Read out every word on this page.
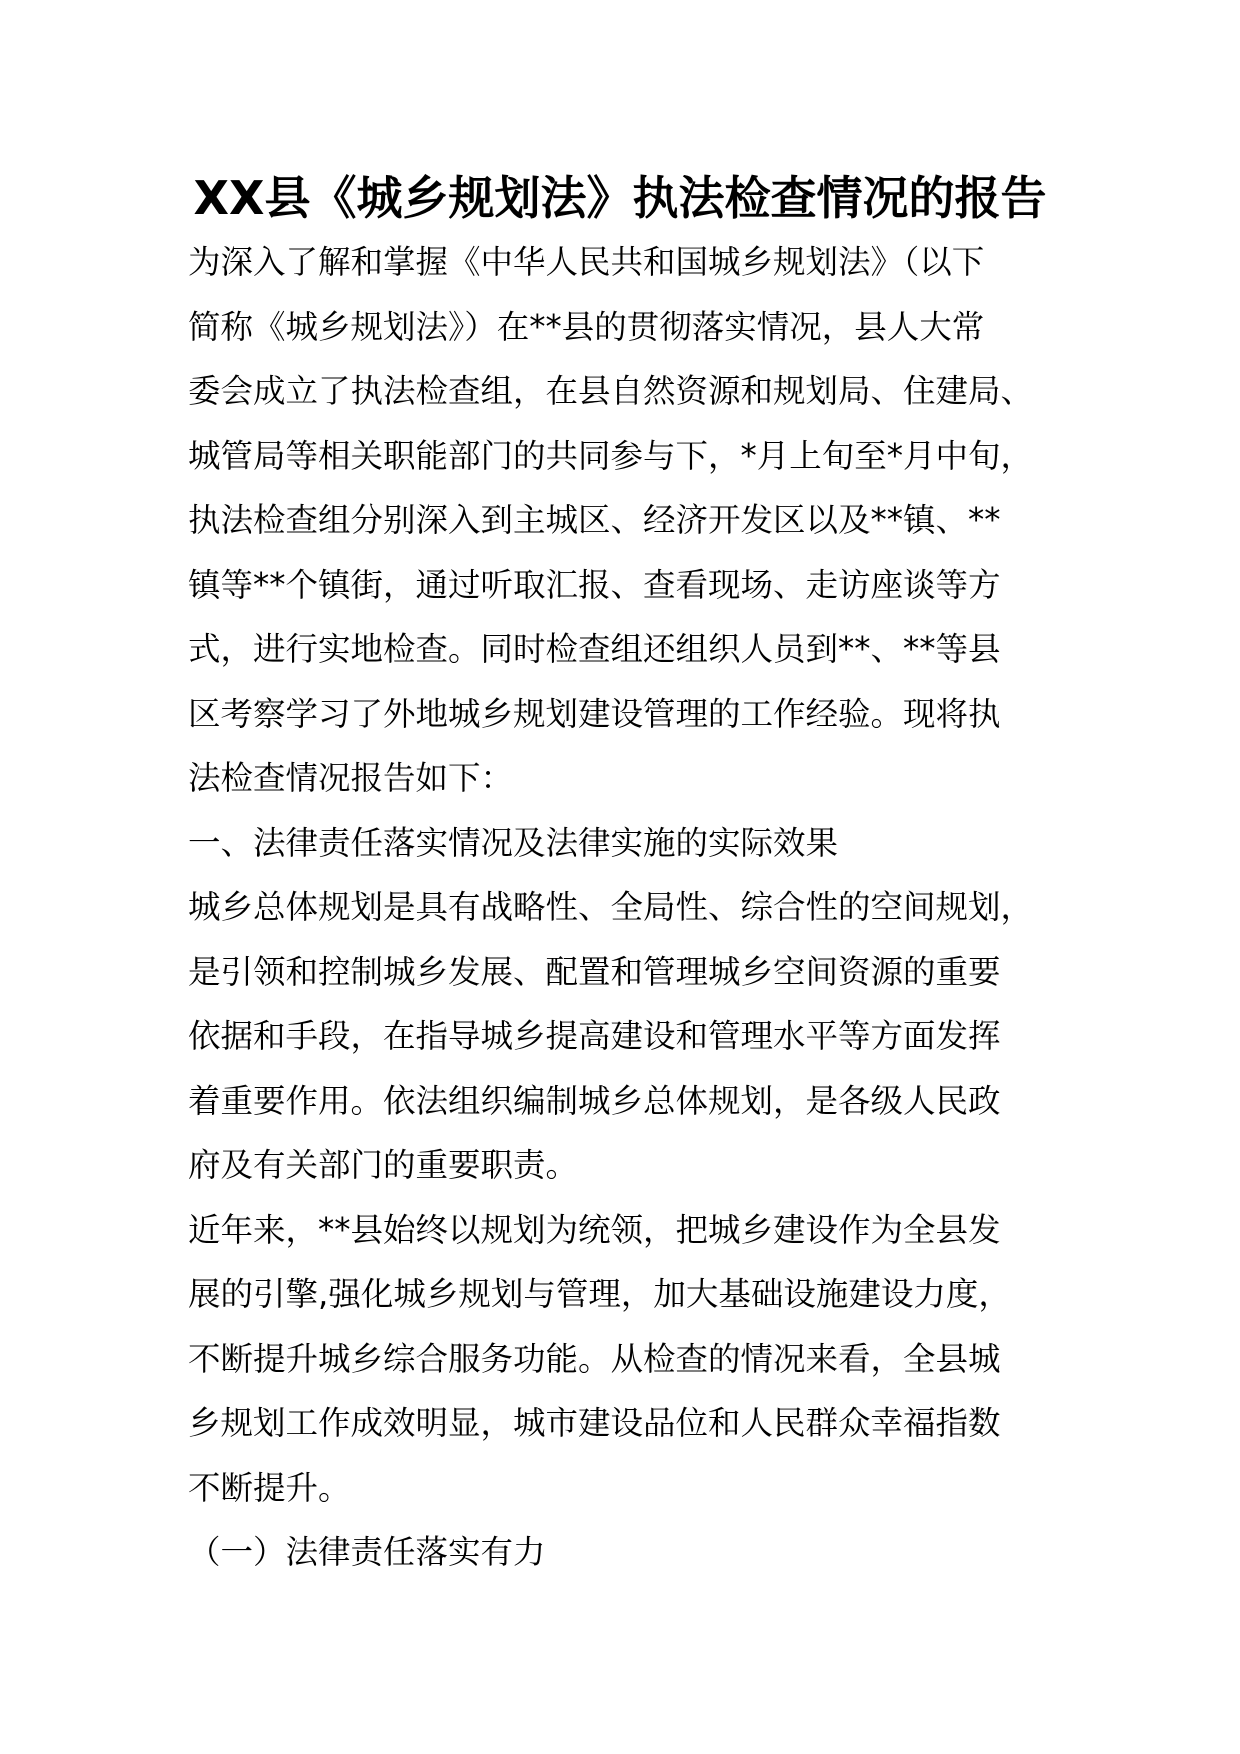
XX县《城乡规划法》执法检查情况的报告
为深入了解和掌握《中华人民共和国城乡规划法》（以下
简称《城乡规划法》）在**县的贯彻落实情况，县人大常
委会成立了执法检查组，在县自然资源和规划局、住建局、
城管局等相关职能部门的共同参与下，*月上旬至*月中旬，
执法检查组分别深入到主城区、经济开发区以及**镇、**
镇等**个镇街，通过听取汇报、查看现场、走访座谈等方
式，进行实地检查。同时检查组还组织人员到**、**等县
区考察学习了外地城乡规划建设管理的工作经验。现将执
法检查情况报告如下：
一、法律责任落实情况及法律实施的实际效果
城乡总体规划是具有战略性、全局性、综合性的空间规划，
是引领和控制城乡发展、配置和管理城乡空间资源的重要
依据和手段，在指导城乡提高建设和管理水平等方面发挥
着重要作用。依法组织编制城乡总体规划，是各级人民政
府及有关部门的重要职责。
近年来，**县始终以规划为统领，把城乡建设作为全县发
展的引擎,强化城乡规划与管理，加大基础设施建设力度，
不断提升城乡综合服务功能。从检查的情况来看，全县城
乡规划工作成效明显，城市建设品位和人民群众幸福指数
不断提升。
（一）法律责任落实有力
